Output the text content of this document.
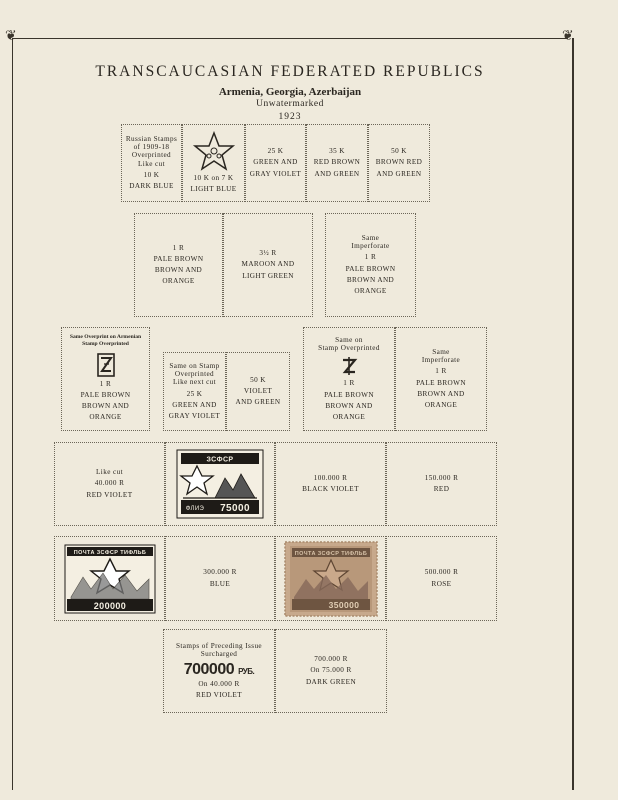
❦	❦
TRANSCAUCASIAN FEDERATED REPUBLICS
Armenia, Georgia, Azerbaijan
Unwatermarked
1923
Russian Stamps
of 1909-18
Overprinted
Like cut
10 K
DARK BLUE
10 K on 7 K
LIGHT BLUE
25 K
GREEN AND
GRAY VIOLET
35 K
RED BROWN
AND GREEN
50 K
BROWN RED
AND GREEN
1 R
PALE BROWN
BROWN AND
ORANGE
3½ R
MAROON AND
LIGHT GREEN
Same
Imperforate
1 R
PALE BROWN
BROWN AND
ORANGE
Same Overprint on Armenian
Stamp Overprinted
1 R
PALE BROWN
BROWN AND
ORANGE
Same on Stamp
Overprinted
Like next cut
25 K
GREEN AND
GRAY VIOLET
50 K
VIOLET
AND GREEN
Same on
Stamp Overprinted
1 R
PALE BROWN
BROWN AND
ORANGE
Same
Imperforate
1 R
PALE BROWN
BROWN AND
ORANGE
Like cut
40.000 R
RED VIOLET
ЗСФСР
ФЛИЭ 75000
100.000 R
BLACK VIOLET
150.000 R
RED
ПОЧТА ЗСФСР ТИФЛЬБ
200000
300.000 R
BLUE
ПОЧТА ЗСФСР ТИФЛЬБ
350000
500.000 R
ROSE
Stamps of Preceding Issue
Surcharged
700000 РУБ.
On 40.000 R
RED VIOLET
700.000 R
On 75.000 R
DARK GREEN
